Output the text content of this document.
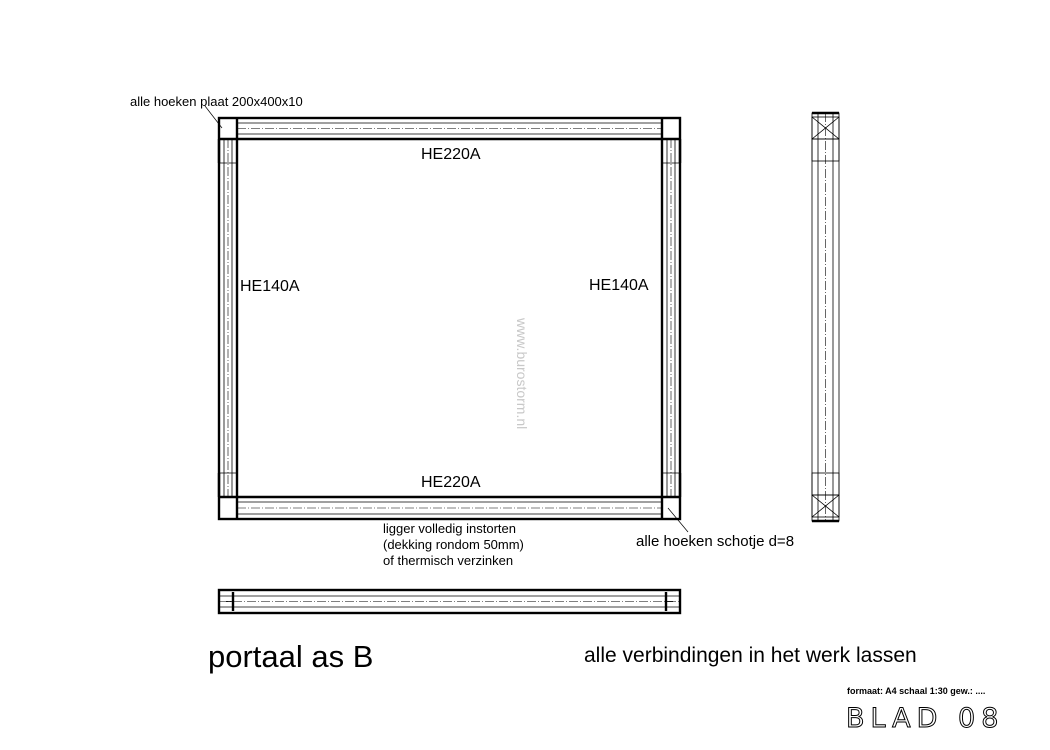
alle hoeken plaat 200x400x10
HE220A
HE140A	HE140A
HE220A
www.burostorm.nl
ligger volledig instorten
(dekking rondom 50mm)
of thermisch verzinken
alle hoeken schotje d=8
portaal as B	alle verbindingen in het werk lassen
formaat: A4 schaal 1:30 gew.: ....
BLAD 08
